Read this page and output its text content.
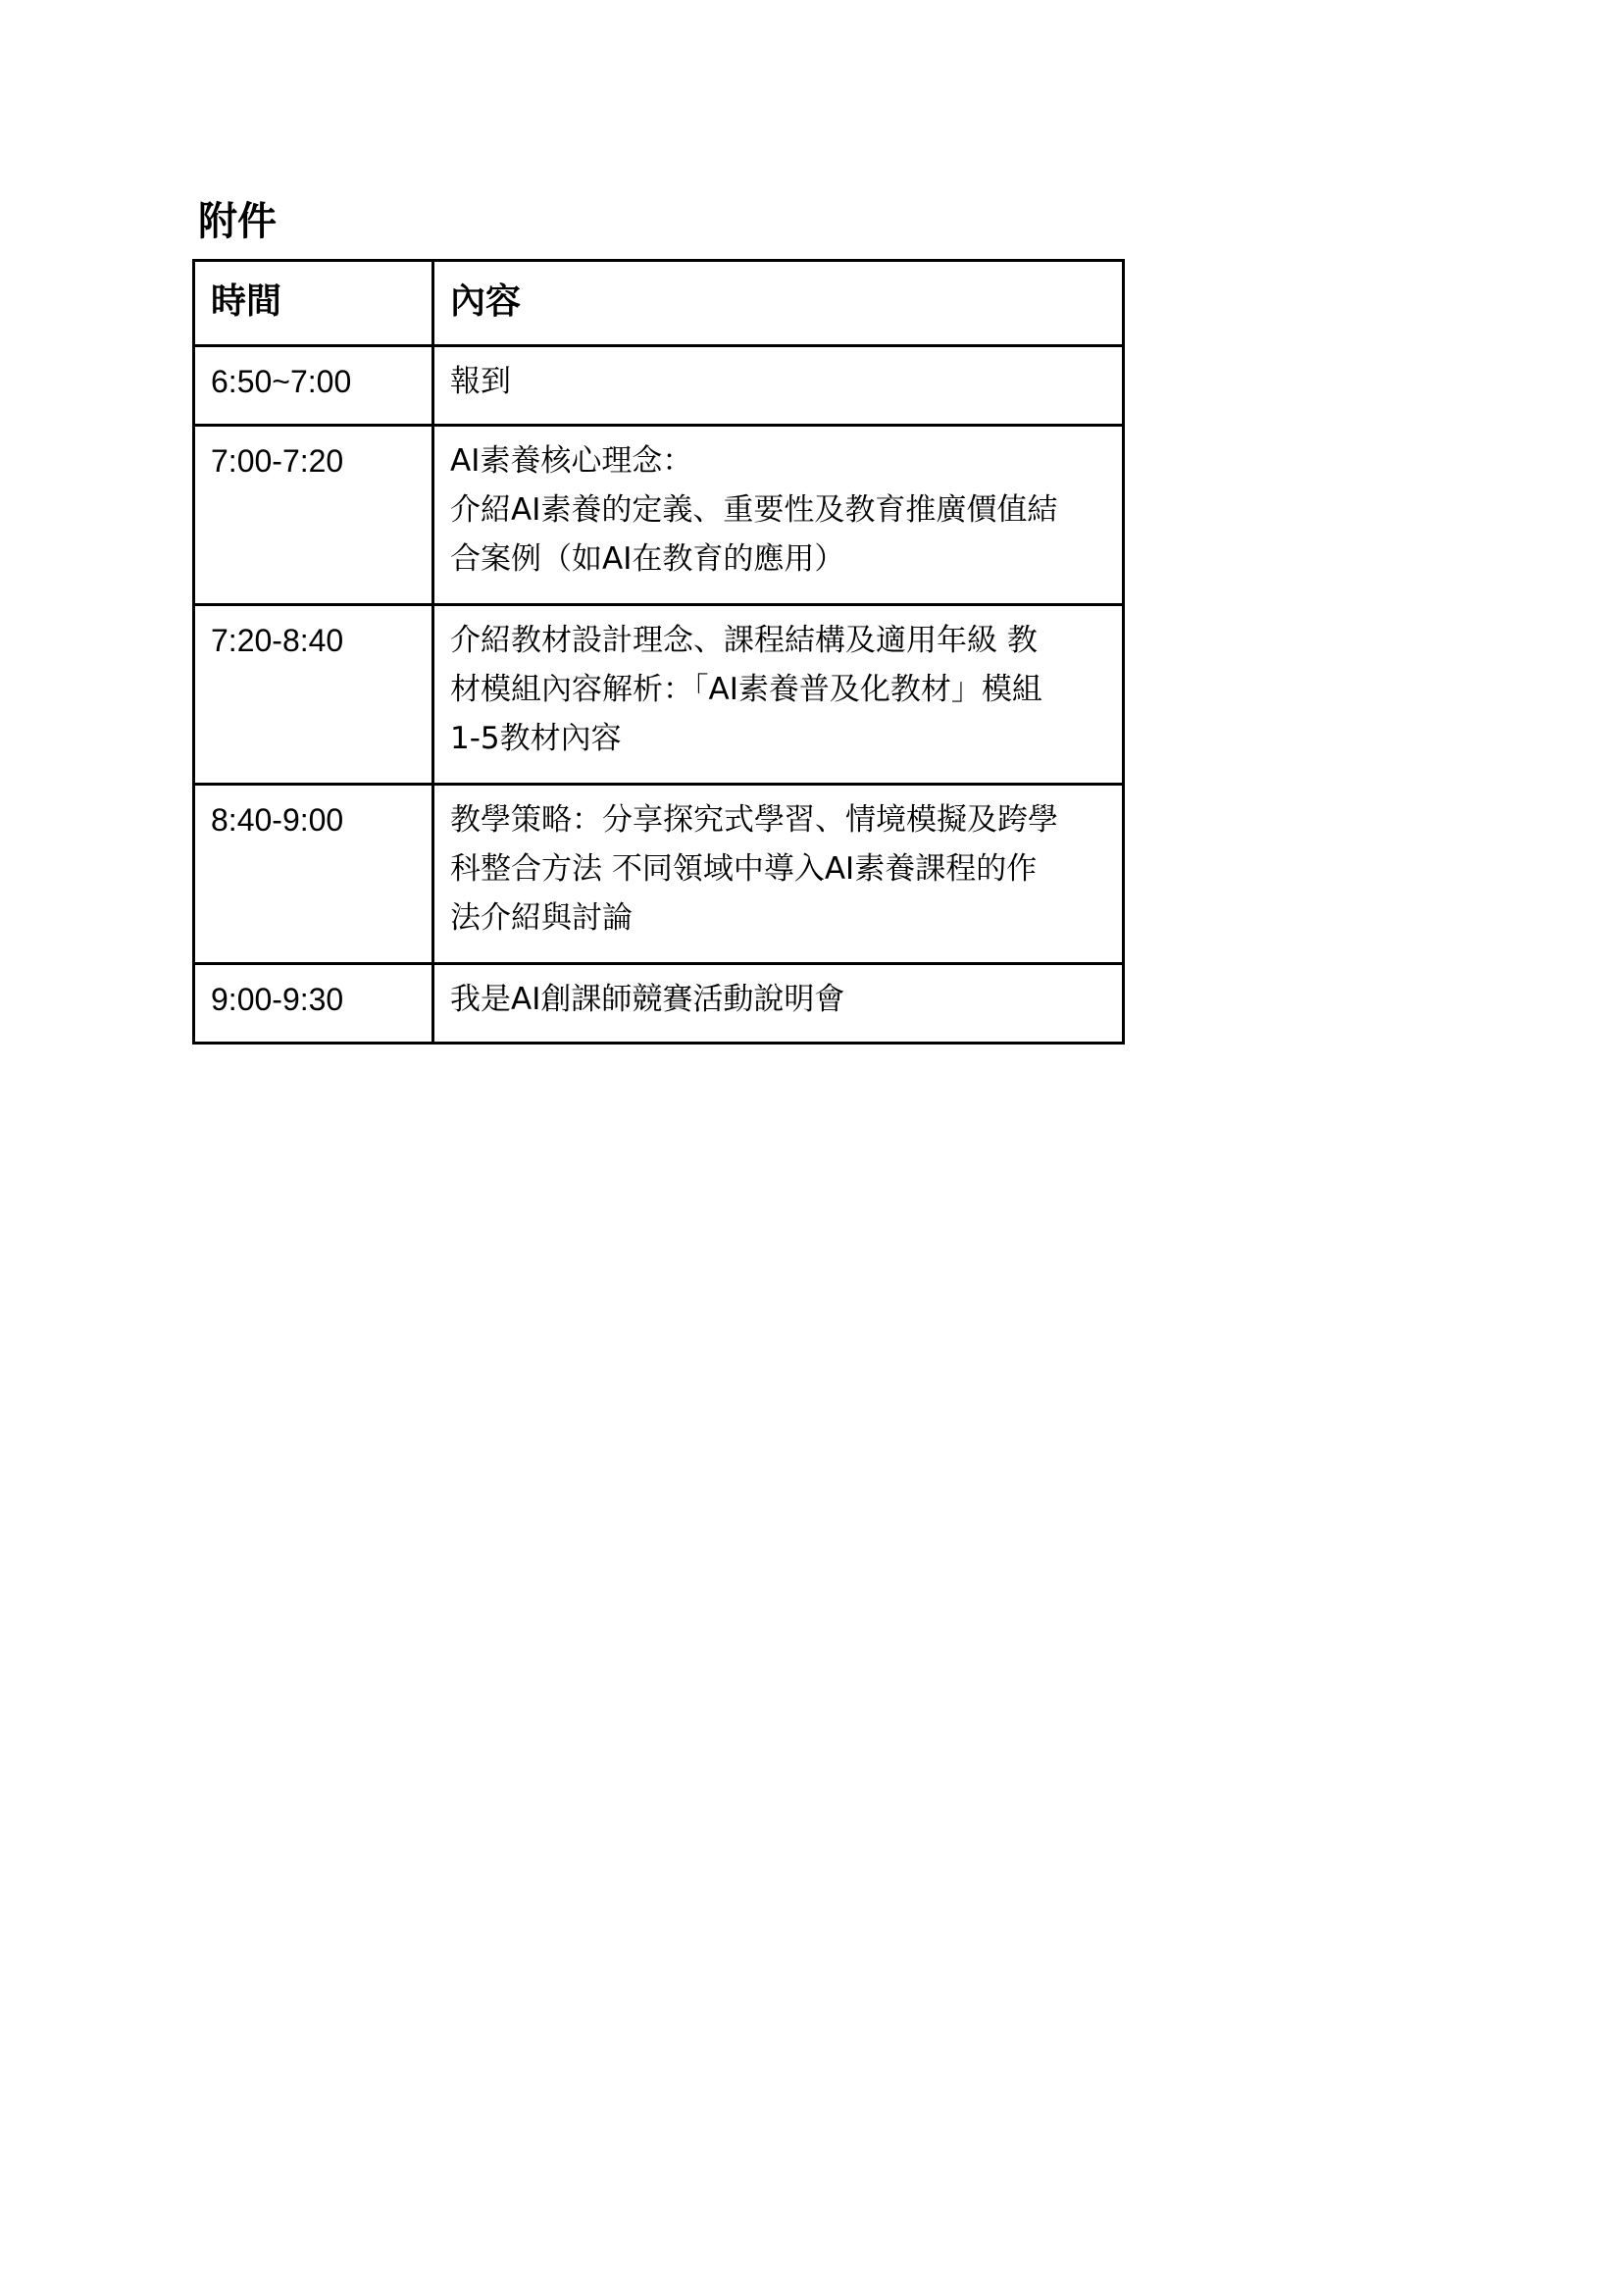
附件
時間	內容
6:50~7:00	報到

7:00-7:20	AI素養核心理念：
介紹AI素養的定義、重要性及教育推廣價值結
合案例（如AI在教育的應用）

7:20-8:40	介紹教材設計理念、課程結構及適用年級 教
材模組內容解析：「AI素養普及化教材」模組
1-5教材內容

8:40-9:00	教學策略：分享探究式學習、情境模擬及跨學
科整合方法 不同領域中導入AI素養課程的作
法介紹與討論

9:00-9:30	我是AI創課師競賽活動說明會
